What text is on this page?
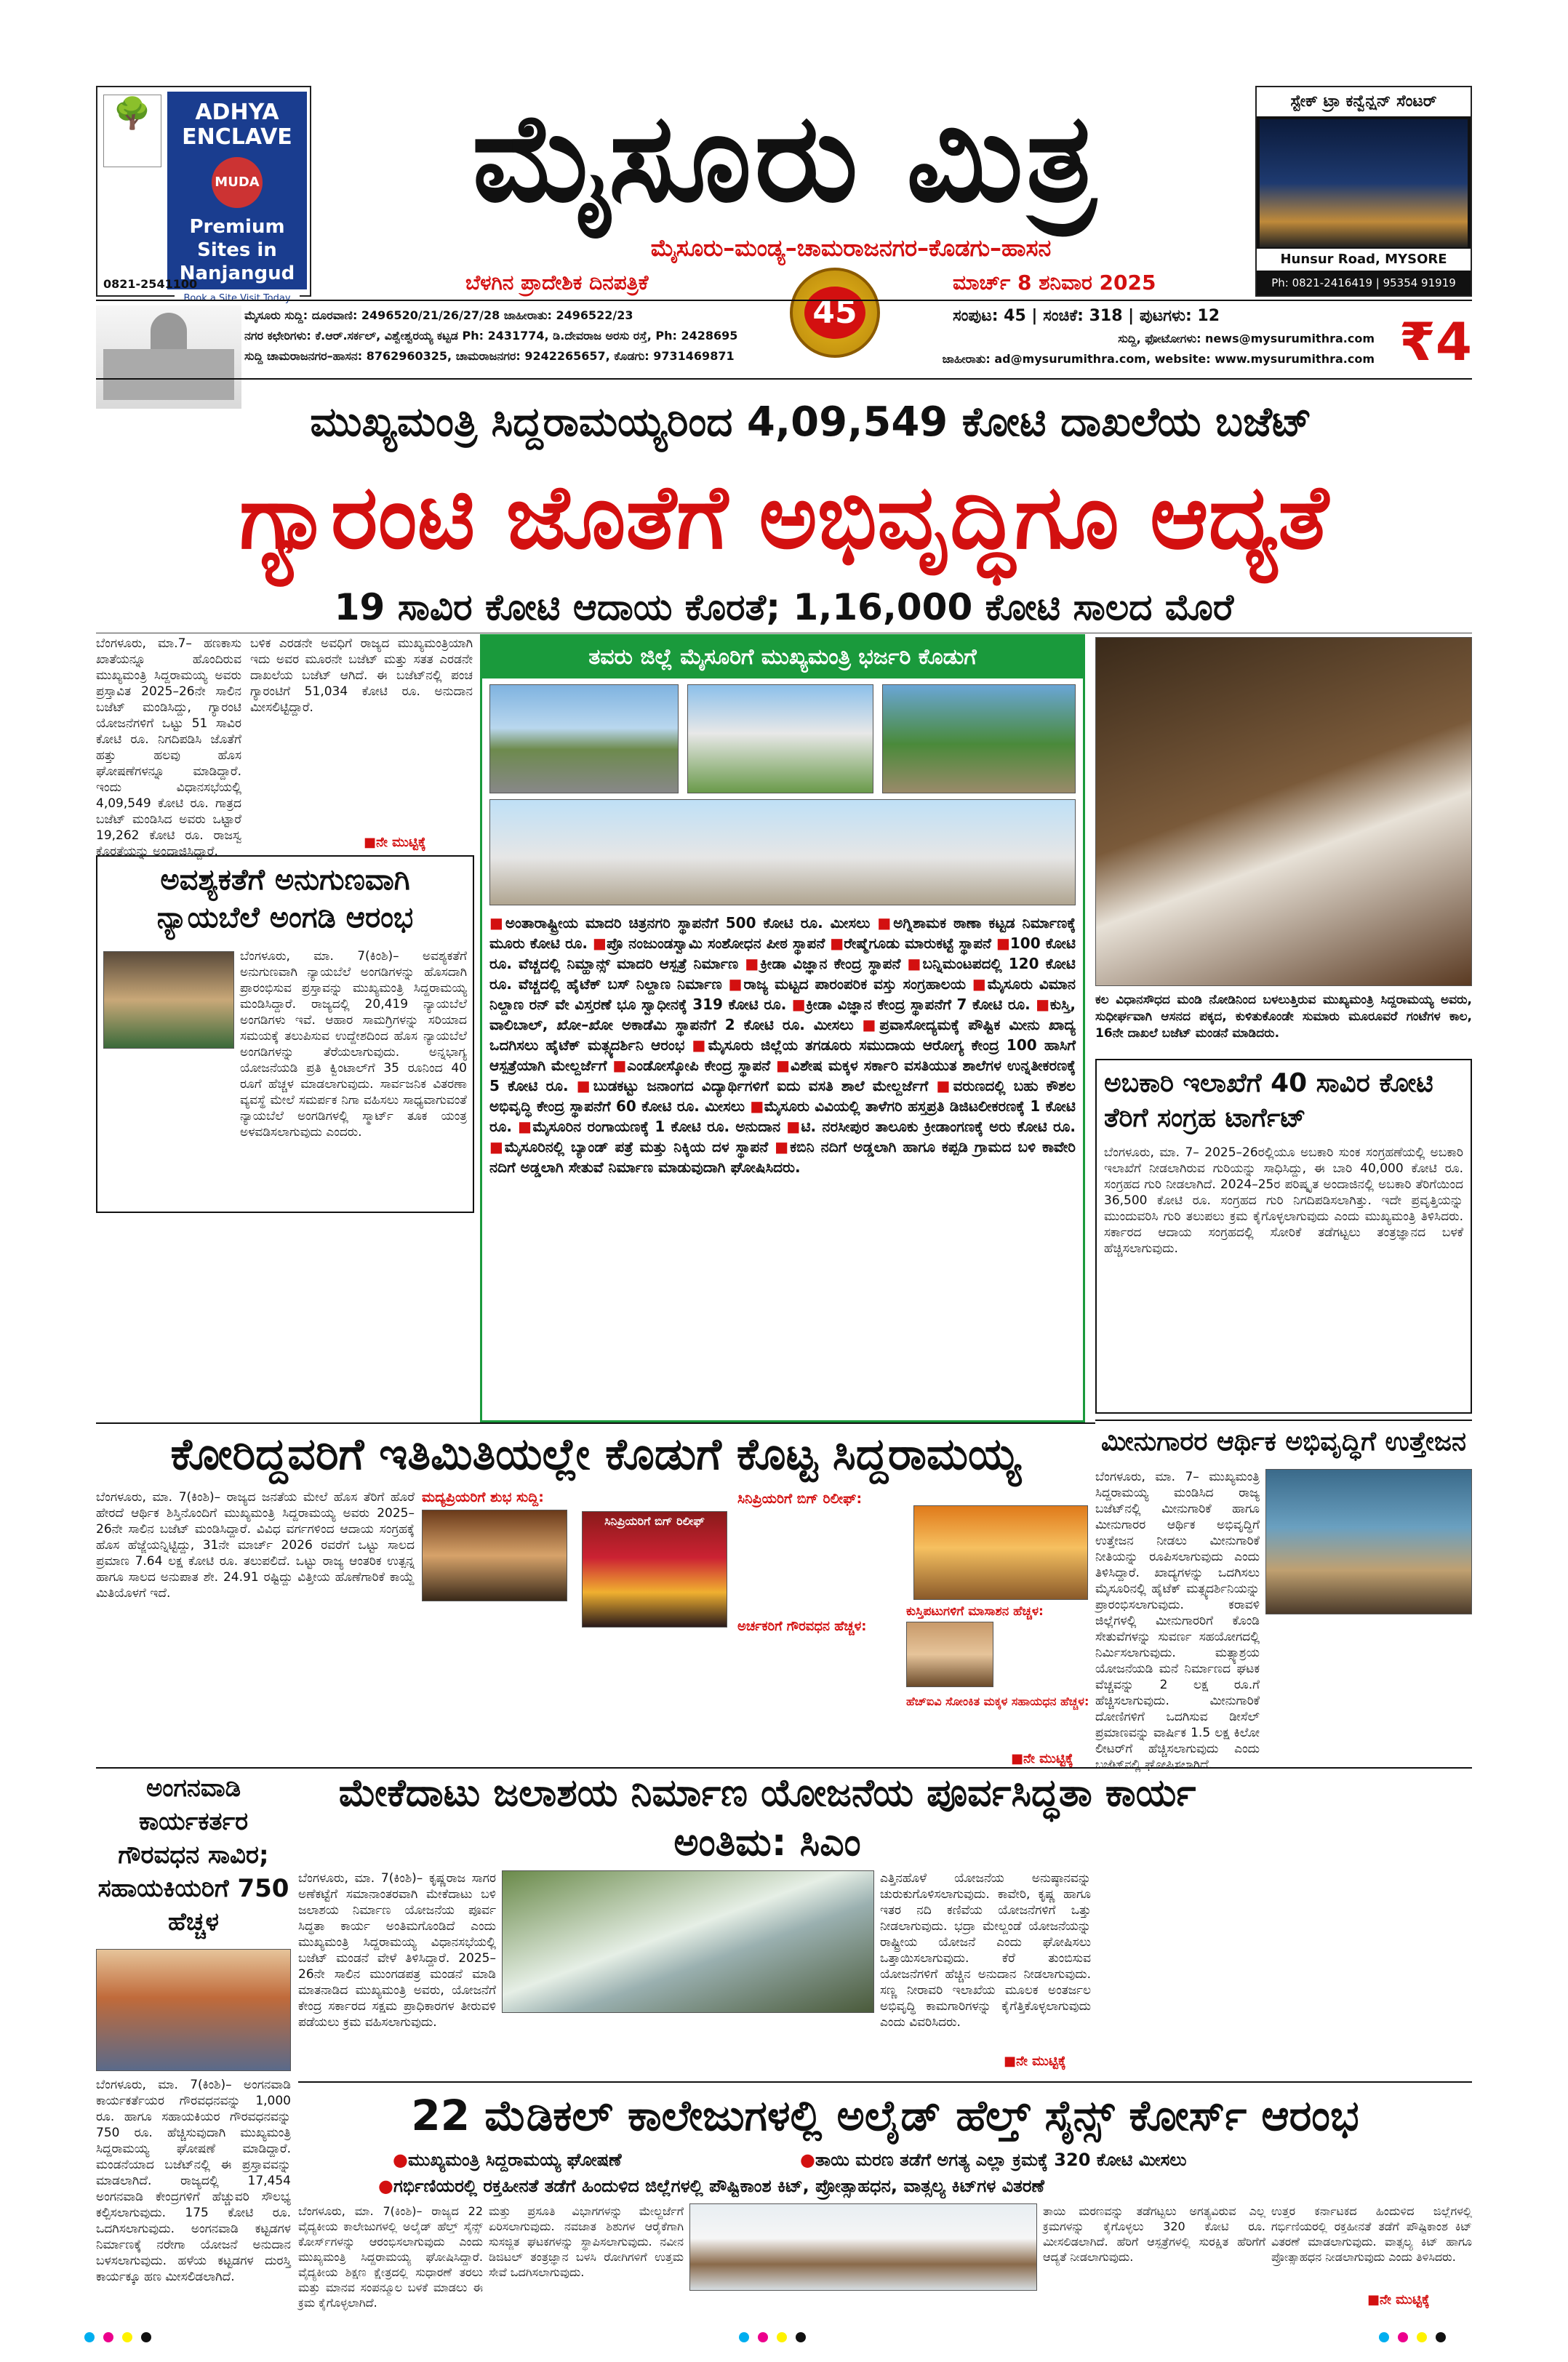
🌳	ADHYA ENCLAVE
MUDA
Premium Sites in Nanjangud
Book a Site Visit Today
0821-2541100
ಮೈಸೂರು ಮಿತ್ರ
ಮೈಸೂರು–ಮಂಡ್ಯ–ಚಾಮರಾಜನಗರ–ಕೊಡಗು–ಹಾಸನ
ಬೆಳಗಿನ ಪ್ರಾದೇಶಿಕ ದಿನಪತ್ರಿಕೆ
45
ಮಾರ್ಚ್ 8 ಶನಿವಾರ 2025
ಸ್ಟೇಕ್ ಟ್ರಾ ಕನ್ವೆನ್ಷನ್ ಸೆಂಟರ್
Hunsur Road, MYSORE
Ph: 0821-2416419 | 95354 91919
ಮೈಸೂರು ಸುದ್ದಿ: ದೂರವಾಣಿ: 2496520/21/26/27/28 ಜಾಹೀರಾತು: 2496522/23
ನಗರ ಕಛೇರಿಗಳು: ಕೆ.ಆರ್.ಸರ್ಕಲ್, ವಿಶ್ವೇಶ್ವರಯ್ಯ ಕಟ್ಟಡ Ph: 2431774, ಡಿ.ದೇವರಾಜ ಅರಸು ರಸ್ತೆ, Ph: 2428695
ಸುದ್ದಿ ಚಾಮರಾಜನಗರ–ಹಾಸನ: 8762960325, ಚಾಮರಾಜನಗರ: 9242265657, ಕೊಡಗು: 9731469871
ಸಂಪುಟ: 45 | ಸಂಚಿಕೆ: 318 | ಪುಟಗಳು: 12
ಸುದ್ದಿ, ಫೋಟೋಗಳು: news@mysurumithra.com
ಜಾಹೀರಾತು: ad@mysurumithra.com, website: www.mysurumithra.com ₹4
ಮುಖ್ಯಮಂತ್ರಿ ಸಿದ್ದರಾಮಯ್ಯರಿಂದ 4,09,549 ಕೋಟಿ ದಾಖಲೆಯ ಬಜೆಟ್
ಗ್ಯಾರಂಟಿ ಜೊತೆಗೆ ಅಭಿವೃದ್ಧಿಗೂ ಆದ್ಯತೆ
19 ಸಾವಿರ ಕೋಟಿ ಆದಾಯ ಕೊರತೆ; 1,16,000 ಕೋಟಿ ಸಾಲದ ಮೊರೆ
ಬೆಂಗಳೂರು, ಮಾ.7– ಹಣಕಾಸು ಖಾತೆಯನ್ನೂ ಹೊಂದಿರುವ ಮುಖ್ಯಮಂತ್ರಿ ಸಿದ್ದರಾಮಯ್ಯ ಅವರು ಪ್ರಸ್ತಾವಿತ 2025–26ನೇ ಸಾಲಿನ ಬಜೆಟ್ ಮಂಡಿಸಿದ್ದು, ಗ್ಯಾರಂಟಿ ಯೋಜನೆಗಳಿಗೆ ಒಟ್ಟು 51 ಸಾವಿರ ಕೋಟಿ ರೂ. ನಿಗದಿಪಡಿಸಿ ಜೊತೆಗೆ ಹತ್ತು ಹಲವು ಹೊಸ ಘೋಷಣೆಗಳನ್ನೂ ಮಾಡಿದ್ದಾರೆ. ಇಂದು ವಿಧಾನಸಭೆಯಲ್ಲಿ 4,09,549 ಕೋಟಿ ರೂ. ಗಾತ್ರದ ಬಜೆಟ್ ಮಂಡಿಸಿದ ಅವರು ಒಟ್ಟಾರೆ 19,262 ಕೋಟಿ ರೂ. ರಾಜಸ್ವ ಕೊರತೆಯನ್ನು ಅಂದಾಜಿಸಿದ್ದಾರೆ.
ಬಳಿಕ ಎರಡನೇ ಅವಧಿಗೆ ರಾಜ್ಯದ ಮುಖ್ಯಮಂತ್ರಿಯಾಗಿ ಇದು ಅವರ ಮೂರನೇ ಬಜೆಟ್ ಮತ್ತು ಸತತ ಎರಡನೇ ದಾಖಲೆಯ ಬಜೆಟ್ ಆಗಿದೆ. ಈ ಬಜೆಟ್‌ನಲ್ಲಿ ಪಂಚ ಗ್ಯಾರಂಟಿಗೆ 51,034 ಕೋಟಿ ರೂ. ಅನುದಾನ ಮೀಸಲಿಟ್ಟಿದ್ದಾರೆ.
■ನೇ ಮುಟ್ಟಿಕ್ಕೆ
ತವರು ಜಿಲ್ಲೆ ಮೈಸೂರಿಗೆ ಮುಖ್ಯಮಂತ್ರಿ ಭರ್ಜರಿ ಕೊಡುಗೆ
■ಅಂತಾರಾಷ್ಟ್ರೀಯ ಮಾದರಿ ಚಿತ್ರನಗರಿ ಸ್ಥಾಪನೆಗೆ 500 ಕೋಟಿ ರೂ. ಮೀಸಲು ■ಅಗ್ನಿಶಾಮಕ ಠಾಣಾ ಕಟ್ಟಡ ನಿರ್ಮಾಣಕ್ಕೆ ಮೂರು ಕೋಟಿ ರೂ. ■ಪ್ರೊ ನಂಜುಂಡಸ್ವಾಮಿ ಸಂಶೋಧನ ಪೀಠ ಸ್ಥಾಪನೆ ■ರೇಷ್ಮೆಗೂಡು ಮಾರುಕಟ್ಟೆ ಸ್ಥಾಪನೆ ■100 ಕೋಟಿ ರೂ. ವೆಚ್ಚದಲ್ಲಿ ನಿಮ್ಹಾನ್ಸ್ ಮಾದರಿ ಆಸ್ಪತ್ರೆ ನಿರ್ಮಾಣ ■ಕ್ರೀಡಾ ವಿಜ್ಞಾನ ಕೇಂದ್ರ ಸ್ಥಾಪನೆ ■ಬನ್ನಿಮಂಟಪದಲ್ಲಿ 120 ಕೋಟಿ ರೂ. ವೆಚ್ಚದಲ್ಲಿ ಹೈಟೆಕ್ ಬಸ್ ನಿಲ್ದಾಣ ನಿರ್ಮಾಣ ■ರಾಜ್ಯ ಮಟ್ಟದ ಪಾರಂಪರಿಕ ವಸ್ತು ಸಂಗ್ರಹಾಲಯ ■ಮೈಸೂರು ವಿಮಾನ ನಿಲ್ದಾಣ ರನ್ ವೇ ವಿಸ್ತರಣೆ ಭೂ ಸ್ವಾಧೀನಕ್ಕೆ 319 ಕೋಟಿ ರೂ. ■ಕ್ರೀಡಾ ವಿಜ್ಞಾನ ಕೇಂದ್ರ ಸ್ಥಾಪನೆಗೆ 7 ಕೋಟಿ ರೂ. ■ಕುಸ್ತಿ, ವಾಲಿಬಾಲ್, ಖೋ–ಖೋ ಅಕಾಡೆಮಿ ಸ್ಥಾಪನೆಗೆ 2 ಕೋಟಿ ರೂ. ಮೀಸಲು ■ಪ್ರವಾಸೋದ್ಯಮಕ್ಕೆ ಪೌಷ್ಟಿಕ ಮೀನು ಖಾದ್ಯ ಒದಗಿಸಲು ಹೈಟೆಕ್ ಮತ್ಸ್ಯದರ್ಶಿನಿ ಆರಂಭ ■ಮೈಸೂರು ಜಿಲ್ಲೆಯ ತಗಡೂರು ಸಮುದಾಯ ಆರೋಗ್ಯ ಕೇಂದ್ರ 100 ಹಾಸಿಗೆ ಆಸ್ಪತ್ರೆಯಾಗಿ ಮೇಲ್ದರ್ಜೆಗೆ ■ಎಂಡೋಸ್ಕೋಪಿ ಕೇಂದ್ರ ಸ್ಥಾಪನೆ ■ವಿಶೇಷ ಮಕ್ಕಳ ಸರ್ಕಾರಿ ವಸತಿಯುತ ಶಾಲೆಗಳ ಉನ್ನತೀಕರಣಕ್ಕೆ 5 ಕೋಟಿ ರೂ. ■ಬುಡಕಟ್ಟು ಜನಾಂಗದ ವಿದ್ಯಾರ್ಥಿಗಳಿಗೆ ಐದು ವಸತಿ ಶಾಲೆ ಮೇಲ್ದರ್ಜೆಗೆ ■ವರುಣದಲ್ಲಿ ಬಹು ಕೌಶಲ ಅಭಿವೃದ್ಧಿ ಕೇಂದ್ರ ಸ್ಥಾಪನೆಗೆ 60 ಕೋಟಿ ರೂ. ಮೀಸಲು ■ಮೈಸೂರು ವಿವಿಯಲ್ಲಿ ತಾಳೆಗರಿ ಹಸ್ತಪ್ರತಿ ಡಿಜಿಟಲೀಕರಣಕ್ಕೆ 1 ಕೋಟಿ ರೂ. ■ಮೈಸೂರಿನ ರಂಗಾಯಣಕ್ಕೆ 1 ಕೋಟಿ ರೂ. ಅನುದಾನ ■ಟಿ. ನರಸೀಪುರ ತಾಲೂಕು ಕ್ರೀಡಾಂಗಣಕ್ಕೆ ಅರು ಕೋಟಿ ರೂ. ■ಮೈಸೂರಿನಲ್ಲಿ ಬ್ಯಾಂಡ್ ಪತ್ರೆ ಮತ್ತು ನಿಕ್ಕಿಯ ದಳ ಸ್ಥಾಪನೆ ■ಕಬಿನಿ ನದಿಗೆ ಅಡ್ಡಲಾಗಿ ಹಾಗೂ ಕಪ್ಪಡಿ ಗ್ರಾಮದ ಬಳಿ ಕಾವೇರಿ ನದಿಗೆ ಅಡ್ಡಲಾಗಿ ಸೇತುವೆ ನಿರ್ಮಾಣ ಮಾಡುವುದಾಗಿ ಘೋಷಿಸಿದರು.
ಕಲ ವಿಧಾನಸೌಧದ ಮಂಡಿ ನೋಡಿನಿಂದ ಬಳಲುತ್ತಿರುವ ಮುಖ್ಯಮಂತ್ರಿ ಸಿದ್ದರಾಮಯ್ಯ ಅವರು, ಸುಧೀರ್ಘವಾಗಿ ಆಸನದ ಪಕ್ಕದ, ಕುಳಿತುಕೊಂಡೇ ಸುಮಾರು ಮೂರೂವರೆ ಗಂಟೆಗಳ ಕಾಲ, 16ನೇ ದಾಖಲೆ ಬಜೆಟ್ ಮಂಡನೆ ಮಾಡಿದರು.
ಅವಶ್ಯಕತೆಗೆ ಅನುಗುಣವಾಗಿ ನ್ಯಾಯಬೆಲೆ ಅಂಗಡಿ ಆರಂಭ
ಬೆಂಗಳೂರು, ಮಾ. 7(ಕಿಂಶಿ)– ಅವಶ್ಯಕತೆಗೆ ಅನುಗುಣವಾಗಿ ನ್ಯಾಯಬೆಲೆ ಅಂಗಡಿಗಳನ್ನು ಹೊಸದಾಗಿ ಪ್ರಾರಂಭಿಸುವ ಪ್ರಸ್ತಾವನ್ನು ಮುಖ್ಯಮಂತ್ರಿ ಸಿದ್ದರಾಮಯ್ಯ ಮಂಡಿಸಿದ್ದಾರೆ. ರಾಜ್ಯದಲ್ಲಿ 20,419 ನ್ಯಾಯಬೆಲೆ ಅಂಗಡಿಗಳು ಇವೆ. ಆಹಾರ ಸಾಮಗ್ರಿಗಳನ್ನು ಸರಿಯಾದ ಸಮಯಕ್ಕೆ ತಲುಪಿಸುವ ಉದ್ದೇಶದಿಂದ ಹೊಸ ನ್ಯಾಯಬೆಲೆ ಅಂಗಡಿಗಳನ್ನು ತೆರೆಯಲಾಗುವುದು. ಅನ್ನಭಾಗ್ಯ ಯೋಜನೆಯಡಿ ಪ್ರತಿ ಕ್ವಿಂಟಾಲ್‌ಗೆ 35 ರೂನಿಂದ 40 ರೂಗೆ ಹೆಚ್ಚಳ ಮಾಡಲಾಗುವುದು. ಸಾರ್ವಜನಿಕ ವಿತರಣಾ ವ್ಯವಸ್ಥೆ ಮೇಲೆ ಸಮರ್ಪಕ ನಿಗಾ ವಹಿಸಲು ಸಾಧ್ಯವಾಗುವಂತೆ ನ್ಯಾಯಬೆಲೆ ಅಂಗಡಿಗಳಲ್ಲಿ ಸ್ಮಾರ್ಟ್ ತೂಕ ಯಂತ್ರ ಅಳವಡಿಸಲಾಗುವುದು ಎಂದರು.
ಅಬಕಾರಿ ಇಲಾಖೆಗೆ 40 ಸಾವಿರ ಕೋಟಿ ತೆರಿಗೆ ಸಂಗ್ರಹ ಟಾರ್ಗೆಟ್
ಬೆಂಗಳೂರು, ಮಾ. 7– 2025–26ರಲ್ಲಿಯೂ ಅಬಕಾರಿ ಸುಂಕ ಸಂಗ್ರಹಣೆಯಲ್ಲಿ ಅಬಕಾರಿ ಇಲಾಖೆಗೆ ನೀಡಲಾಗಿರುವ ಗುರಿಯನ್ನು ಸಾಧಿಸಿದ್ದು, ಈ ಬಾರಿ 40,000 ಕೋಟಿ ರೂ. ಸಂಗ್ರಹದ ಗುರಿ ನೀಡಲಾಗಿದೆ. 2024–25ರ ಪರಿಷ್ಕೃತ ಅಂದಾಜಿನಲ್ಲಿ ಅಬಕಾರಿ ತೆರಿಗೆಯಿಂದ 36,500 ಕೋಟಿ ರೂ. ಸಂಗ್ರಹದ ಗುರಿ ನಿಗದಿಪಡಿಸಲಾಗಿತ್ತು. ಇದೇ ಪ್ರವೃತ್ತಿಯನ್ನು ಮುಂದುವರಿಸಿ ಗುರಿ ತಲುಪಲು ಕ್ರಮ ಕೈಗೊಳ್ಳಲಾಗುವುದು ಎಂದು ಮುಖ್ಯಮಂತ್ರಿ ತಿಳಿಸಿದರು. ಸರ್ಕಾರದ ಆದಾಯ ಸಂಗ್ರಹದಲ್ಲಿ ಸೋರಿಕೆ ತಡೆಗಟ್ಟಲು ತಂತ್ರಜ್ಞಾನದ ಬಳಕೆ ಹೆಚ್ಚಿಸಲಾಗುವುದು.
ಕೋರಿದ್ದವರಿಗೆ ಇತಿಮಿತಿಯಲ್ಲೇ ಕೊಡುಗೆ ಕೊಟ್ಟ ಸಿದ್ದರಾಮಯ್ಯ
ಬೆಂಗಳೂರು, ಮಾ. 7(ಕಿಂಶಿ)– ರಾಜ್ಯದ ಜನತೆಯ ಮೇಲೆ ಹೊಸ ತೆರಿಗೆ ಹೊರೆ ಹೇರದೆ ಆರ್ಥಿಕ ಶಿಸ್ತಿನೊಂದಿಗೆ ಮುಖ್ಯಮಂತ್ರಿ ಸಿದ್ದರಾಮಯ್ಯ ಅವರು 2025–26ನೇ ಸಾಲಿನ ಬಜೆಟ್ ಮಂಡಿಸಿದ್ದಾರೆ. ವಿವಿಧ ವರ್ಗಗಳಿಂದ ಆದಾಯ ಸಂಗ್ರಹಕ್ಕೆ ಹೊಸ ಹೆಜ್ಜೆಯನ್ನಿಟ್ಟಿದ್ದು, 31ನೇ ಮಾರ್ಚ್ 2026 ರವರೆಗೆ ಒಟ್ಟು ಸಾಲದ ಪ್ರಮಾಣ 7.64 ಲಕ್ಷ ಕೋಟಿ ರೂ. ತಲುಪಲಿದೆ. ಒಟ್ಟು ರಾಜ್ಯ ಆಂತರಿಕ ಉತ್ಪನ್ನ ಹಾಗೂ ಸಾಲದ ಅನುಪಾತ ಶೇ. 24.91 ರಷ್ಟಿದ್ದು ವಿತ್ತೀಯ ಹೊಣೆಗಾರಿಕೆ ಕಾಯ್ದೆ ಮಿತಿಯೊಳಗೆ ಇದೆ.
ಮದ್ಯಪ್ರಿಯರಿಗೆ ಶುಭ ಸುದ್ದಿ:
ಸಿನಿಪ್ರಿಯರಿಗೆ ಬಿಗ್ ರಿಲೀಫ್
ಸಿನಿಪ್ರಿಯರಿಗೆ ಬಿಗ್ ರಿಲೀಫ್:
ಅರ್ಚಕರಿಗೆ ಗೌರವಧನ ಹೆಚ್ಚಳ:
ಕುಸ್ತಿಪಟುಗಳಿಗೆ ಮಾಸಾಶನ ಹೆಚ್ಚಳ:
ಹೆಚ್‌ಐವಿ ಸೋಂಕಿತ ಮಕ್ಕಳ ಸಹಾಯಧನ ಹೆಚ್ಚಳ:
■ನೇ ಮುಟ್ಟಿಕ್ಕೆ
ಮೀನುಗಾರರ ಆರ್ಥಿಕ ಅಭಿವೃದ್ಧಿಗೆ ಉತ್ತೇಜನ
ಬೆಂಗಳೂರು, ಮಾ. 7– ಮುಖ್ಯಮಂತ್ರಿ ಸಿದ್ದರಾಮಯ್ಯ ಮಂಡಿಸಿದ ರಾಜ್ಯ ಬಜೆಟ್‌ನಲ್ಲಿ ಮೀನುಗಾರಿಕೆ ಹಾಗೂ ಮೀನುಗಾರರ ಆರ್ಥಿಕ ಅಭಿವೃದ್ಧಿಗೆ ಉತ್ತೇಜನ ನೀಡಲು ಮೀನುಗಾರಿಕೆ ನೀತಿಯನ್ನು ರೂಪಿಸಲಾಗುವುದು ಎಂದು ತಿಳಿಸಿದ್ದಾರೆ. ಖಾದ್ಯಗಳನ್ನು ಒದಗಿಸಲು ಮೈಸೂರಿನಲ್ಲಿ ಹೈಟೆಕ್ ಮತ್ಸ್ಯದರ್ಶಿನಿಯನ್ನು ಪ್ರಾರಂಭಿಸಲಾಗುವುದು. ಕರಾವಳಿ ಜಿಲ್ಲೆಗಳಲ್ಲಿ ಮೀನುಗಾರರಿಗೆ ಕೊಂಡಿ ಸೇತುವೆಗಳನ್ನು ಸುವರ್ಣ ಸಹಯೋಗದಲ್ಲಿ ನಿರ್ಮಿಸಲಾಗುವುದು. ಮತ್ಸ್ಯಾಶ್ರಯ ಯೋಜನೆಯಡಿ ಮನೆ ನಿರ್ಮಾಣದ ಘಟಕ ವೆಚ್ಚವನ್ನು 2 ಲಕ್ಷ ರೂ.ಗೆ ಹೆಚ್ಚಿಸಲಾಗುವುದು. ಮೀನುಗಾರಿಕೆ ದೋಣಿಗಳಿಗೆ ಒದಗಿಸುವ ಡೀಸೆಲ್ ಪ್ರಮಾಣವನ್ನು ವಾರ್ಷಿಕ 1.5 ಲಕ್ಷ ಕಿಲೋ ಲೀಟರ್‌ಗೆ ಹೆಚ್ಚಿಸಲಾಗುವುದು ಎಂದು ಬಜೆಟ್‌ನಲ್ಲಿ ಘೋಷಿಸಲಾಗಿದೆ.
ಅಂಗನವಾಡಿ ಕಾರ್ಯಕರ್ತರ ಗೌರವಧನ ಸಾವಿರ; ಸಹಾಯಕಿಯರಿಗೆ 750 ಹೆಚ್ಚಳ
ಬೆಂಗಳೂರು, ಮಾ. 7(ಕಿಂಶಿ)– ಅಂಗನವಾಡಿ ಕಾರ್ಯಕರ್ತೆಯರ ಗೌರವಧನವನ್ನು 1,000 ರೂ. ಹಾಗೂ ಸಹಾಯಕಿಯರ ಗೌರವಧನವನ್ನು 750 ರೂ. ಹೆಚ್ಚಿಸುವುದಾಗಿ ಮುಖ್ಯಮಂತ್ರಿ ಸಿದ್ದರಾಮಯ್ಯ ಘೋಷಣೆ ಮಾಡಿದ್ದಾರೆ. ಮಂಡನೆಯಾದ ಬಜೆಟ್‌ನಲ್ಲಿ ಈ ಪ್ರಸ್ತಾವವನ್ನು ಮಾಡಲಾಗಿದೆ. ರಾಜ್ಯದಲ್ಲಿ 17,454 ಅಂಗನವಾಡಿ ಕೇಂದ್ರಗಳಿಗೆ ಹೆಚ್ಚುವರಿ ಸೌಲಭ್ಯ ಕಲ್ಪಿಸಲಾಗುವುದು. 175 ಕೋಟಿ ರೂ. ಒದಗಿಸಲಾಗುವುದು. ಅಂಗನವಾಡಿ ಕಟ್ಟಡಗಳ ನಿರ್ಮಾಣಕ್ಕೆ ನರೇಗಾ ಯೋಜನೆ ಅನುದಾನ ಬಳಸಲಾಗುವುದು. ಹಳೆಯ ಕಟ್ಟಡಗಳ ದುರಸ್ತಿ ಕಾರ್ಯಕ್ಕೂ ಹಣ ಮೀಸಲಿಡಲಾಗಿದೆ.
ಮೇಕೆದಾಟು ಜಲಾಶಯ ನಿರ್ಮಾಣ ಯೋಜನೆಯ ಪೂರ್ವಸಿದ್ಧತಾ ಕಾರ್ಯ ಅಂತಿಮ: ಸಿಎಂ
ಬೆಂಗಳೂರು, ಮಾ. 7(ಕಿಂಶಿ)– ಕೃಷ್ಣರಾಜ ಸಾಗರ ಅಣೆಕಟ್ಟೆಗೆ ಸಮಾನಾಂತರವಾಗಿ ಮೇಕೆದಾಟು ಬಳಿ ಜಲಾಶಯ ನಿರ್ಮಾಣ ಯೋಜನೆಯ ಪೂರ್ವ ಸಿದ್ಧತಾ ಕಾರ್ಯ ಅಂತಿಮಗೊಂಡಿದೆ ಎಂದು ಮುಖ್ಯಮಂತ್ರಿ ಸಿದ್ದರಾಮಯ್ಯ ವಿಧಾನಸಭೆಯಲ್ಲಿ ಬಜೆಟ್ ಮಂಡನೆ ವೇಳೆ ತಿಳಿಸಿದ್ದಾರೆ. 2025–26ನೇ ಸಾಲಿನ ಮುಂಗಡಪತ್ರ ಮಂಡನೆ ಮಾಡಿ ಮಾತನಾಡಿದ ಮುಖ್ಯಮಂತ್ರಿ ಅವರು, ಯೋಜನೆಗೆ ಕೇಂದ್ರ ಸರ್ಕಾರದ ಸಕ್ಷಮ ಪ್ರಾಧಿಕಾರಗಳ ತೀರುವಳಿ ಪಡೆಯಲು ಕ್ರಮ ವಹಿಸಲಾಗುವುದು.
ಎತ್ತಿನಹೊಳೆ ಯೋಜನೆಯ ಅನುಷ್ಠಾನವನ್ನು ಚುರುಕುಗೊಳಿಸಲಾಗುವುದು. ಕಾವೇರಿ, ಕೃಷ್ಣ ಹಾಗೂ ಇತರ ನದಿ ಕಣಿವೆಯ ಯೋಜನೆಗಳಿಗೆ ಒತ್ತು ನೀಡಲಾಗುವುದು. ಭದ್ರಾ ಮೇಲ್ದಂಡೆ ಯೋಜನೆಯನ್ನು ರಾಷ್ಟ್ರೀಯ ಯೋಜನೆ ಎಂದು ಘೋಷಿಸಲು ಒತ್ತಾಯಿಸಲಾಗುವುದು. ಕೆರೆ ತುಂಬಿಸುವ ಯೋಜನೆಗಳಿಗೆ ಹೆಚ್ಚಿನ ಅನುದಾನ ನೀಡಲಾಗುವುದು. ಸಣ್ಣ ನೀರಾವರಿ ಇಲಾಖೆಯ ಮೂಲಕ ಅಂತರ್ಜಲ ಅಭಿವೃದ್ಧಿ ಕಾಮಗಾರಿಗಳನ್ನು ಕೈಗೆತ್ತಿಕೊಳ್ಳಲಾಗುವುದು ಎಂದು ವಿವರಿಸಿದರು.
■ನೇ ಮುಟ್ಟಿಕ್ಕೆ
22 ಮೆಡಿಕಲ್ ಕಾಲೇಜುಗಳಲ್ಲಿ ಅಲೈಡ್ ಹೆಲ್ತ್ ಸೈನ್ಸ್ ಕೋರ್ಸ್ ಆರಂಭ
●ಮುಖ್ಯಮಂತ್ರಿ ಸಿದ್ದರಾಮಯ್ಯ ಘೋಷಣೆ	●ತಾಯಿ ಮರಣ ತಡೆಗೆ ಅಗತ್ಯ ಎಲ್ಲಾ ಕ್ರಮಕ್ಕೆ 320 ಕೋಟಿ ಮೀಸಲು
●ಗರ್ಭಿಣಿಯರಲ್ಲಿ ರಕ್ತಹೀನತೆ ತಡೆಗೆ ಹಿಂದುಳಿದ ಜಿಲ್ಲೆಗಳಲ್ಲಿ ಪೌಷ್ಟಿಕಾಂಶ ಕಿಟ್, ಪ್ರೋತ್ಸಾಹಧನ, ವಾತ್ಸಲ್ಯ ಕಿಟ್‌ಗಳ ವಿತರಣೆ
ಬೆಂಗಳೂರು, ಮಾ. 7(ಕಿಂಶಿ)– ರಾಜ್ಯದ 22 ವೈದ್ಯಕೀಯ ಕಾಲೇಜುಗಳಲ್ಲಿ ಅಲೈಡ್ ಹೆಲ್ತ್ ಸೈನ್ಸ್ ಕೋರ್ಸ್‌ಗಳನ್ನು ಆರಂಭಿಸಲಾಗುವುದು ಎಂದು ಮುಖ್ಯಮಂತ್ರಿ ಸಿದ್ದರಾಮಯ್ಯ ಘೋಷಿಸಿದ್ದಾರೆ. ವೈದ್ಯಕೀಯ ಶಿಕ್ಷಣ ಕ್ಷೇತ್ರದಲ್ಲಿ ಸುಧಾರಣೆ ತರಲು ಮತ್ತು ಮಾನವ ಸಂಪನ್ಮೂಲ ಬಳಕೆ ಮಾಡಲು ಈ ಕ್ರಮ ಕೈಗೊಳ್ಳಲಾಗಿದೆ.
ಮತ್ತು ಪ್ರಸೂತಿ ವಿಭಾಗಗಳನ್ನು ಮೇಲ್ದರ್ಜೆಗೆ ಏರಿಸಲಾಗುವುದು. ನವಜಾತ ಶಿಶುಗಳ ಆರೈಕೆಗಾಗಿ ಸುಸಜ್ಜಿತ ಘಟಕಗಳನ್ನು ಸ್ಥಾಪಿಸಲಾಗುವುದು. ನವೀನ ಡಿಜಿಟಲ್ ತಂತ್ರಜ್ಞಾನ ಬಳಸಿ ರೋಗಿಗಳಿಗೆ ಉತ್ತಮ ಸೇವೆ ಒದಗಿಸಲಾಗುವುದು.
ತಾಯಿ ಮರಣವನ್ನು ತಡೆಗಟ್ಟಲು ಅಗತ್ಯವಿರುವ ಎಲ್ಲ ಕ್ರಮಗಳನ್ನು ಕೈಗೊಳ್ಳಲು 320 ಕೋಟಿ ರೂ. ಮೀಸಲಿಡಲಾಗಿದೆ. ಹೆರಿಗೆ ಆಸ್ಪತ್ರೆಗಳಲ್ಲಿ ಸುರಕ್ಷಿತ ಹೆರಿಗೆಗೆ ಆದ್ಯತೆ ನೀಡಲಾಗುವುದು.
ಉತ್ತರ ಕರ್ನಾಟಕದ ಹಿಂದುಳಿದ ಜಿಲ್ಲೆಗಳಲ್ಲಿ ಗರ್ಭಿಣಿಯರಲ್ಲಿ ರಕ್ತಹೀನತೆ ತಡೆಗೆ ಪೌಷ್ಟಿಕಾಂಶ ಕಿಟ್ ವಿತರಣೆ ಮಾಡಲಾಗುವುದು. ವಾತ್ಸಲ್ಯ ಕಿಟ್ ಹಾಗೂ ಪ್ರೋತ್ಸಾಹಧನ ನೀಡಲಾಗುವುದು ಎಂದು ತಿಳಿಸಿದರು.
■ನೇ ಮುಟ್ಟಿಕ್ಕೆ
